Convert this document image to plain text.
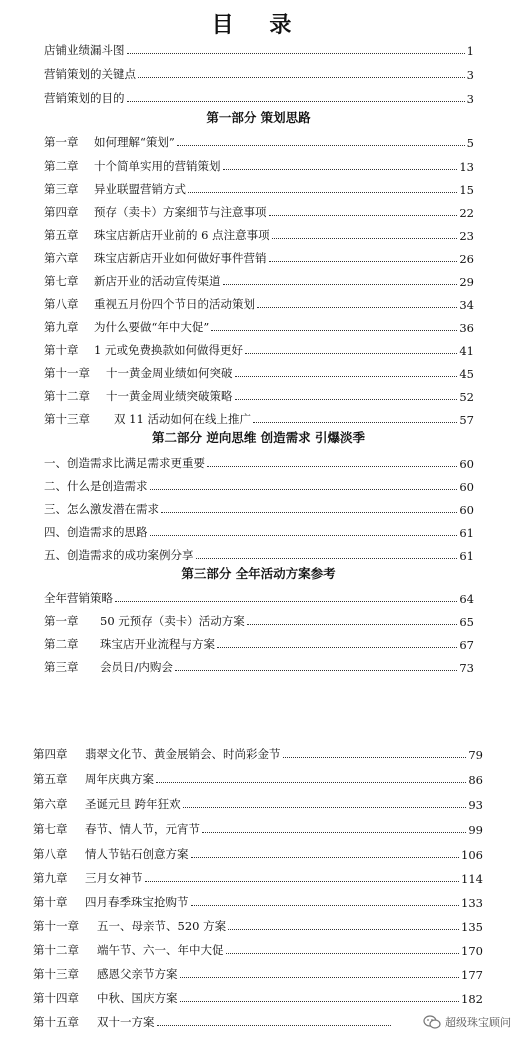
目 录
店铺业绩漏斗图	1
营销策划的关键点	3
营销策划的目的	3
第一部分 策划思路
第一章	如何理解“策划”	5
第二章	十个简单实用的营销策划	13
第三章	异业联盟营销方式	15
第四章	预存（卖卡）方案细节与注意事项	22
第五章	珠宝店新店开业前的 6 点注意事项	23
第六章	珠宝店新店开业如何做好事件营销	26
第七章	新店开业的活动宣传渠道	29
第八章	重视五月份四个节日的活动策划	34
第九章	为什么要做“年中大促”	36
第十章	1 元或免费换款如何做得更好	41
第十一章	十一黄金周业绩如何突破	45
第十二章	十一黄金周业绩突破策略	52
第十三章	双 11 活动如何在线上推广	57
第二部分 逆向思维 创造需求 引爆淡季
一、创造需求比满足需求更重要	60
二、什么是创造需求	60
三、怎么激发潜在需求	60
四、创造需求的思路	61
五、创造需求的成功案例分享	61
第三部分 全年活动方案参考
全年营销策略	64
第一章	50 元预存（卖卡）活动方案	65
第二章	珠宝店开业流程与方案	67
第三章	会员日/内购会	73
第四章	翡翠文化节、黄金展销会、时尚彩金节	79
第五章	周年庆典方案	86
第六章	圣诞元旦 跨年狂欢	93
第七章	春节、情人节，元宵节	99
第八章	情人节钻石创意方案	106
第九章	三月女神节	114
第十章	四月春季珠宝抢购节	133
第十一章	五一、母亲节、520 方案	135
第十二章	端午节、六一、年中大促	170
第十三章	感恩父亲节方案	177
第十四章	中秋、国庆方案	182
第十五章	双十一方案	超级珠宝顾问
